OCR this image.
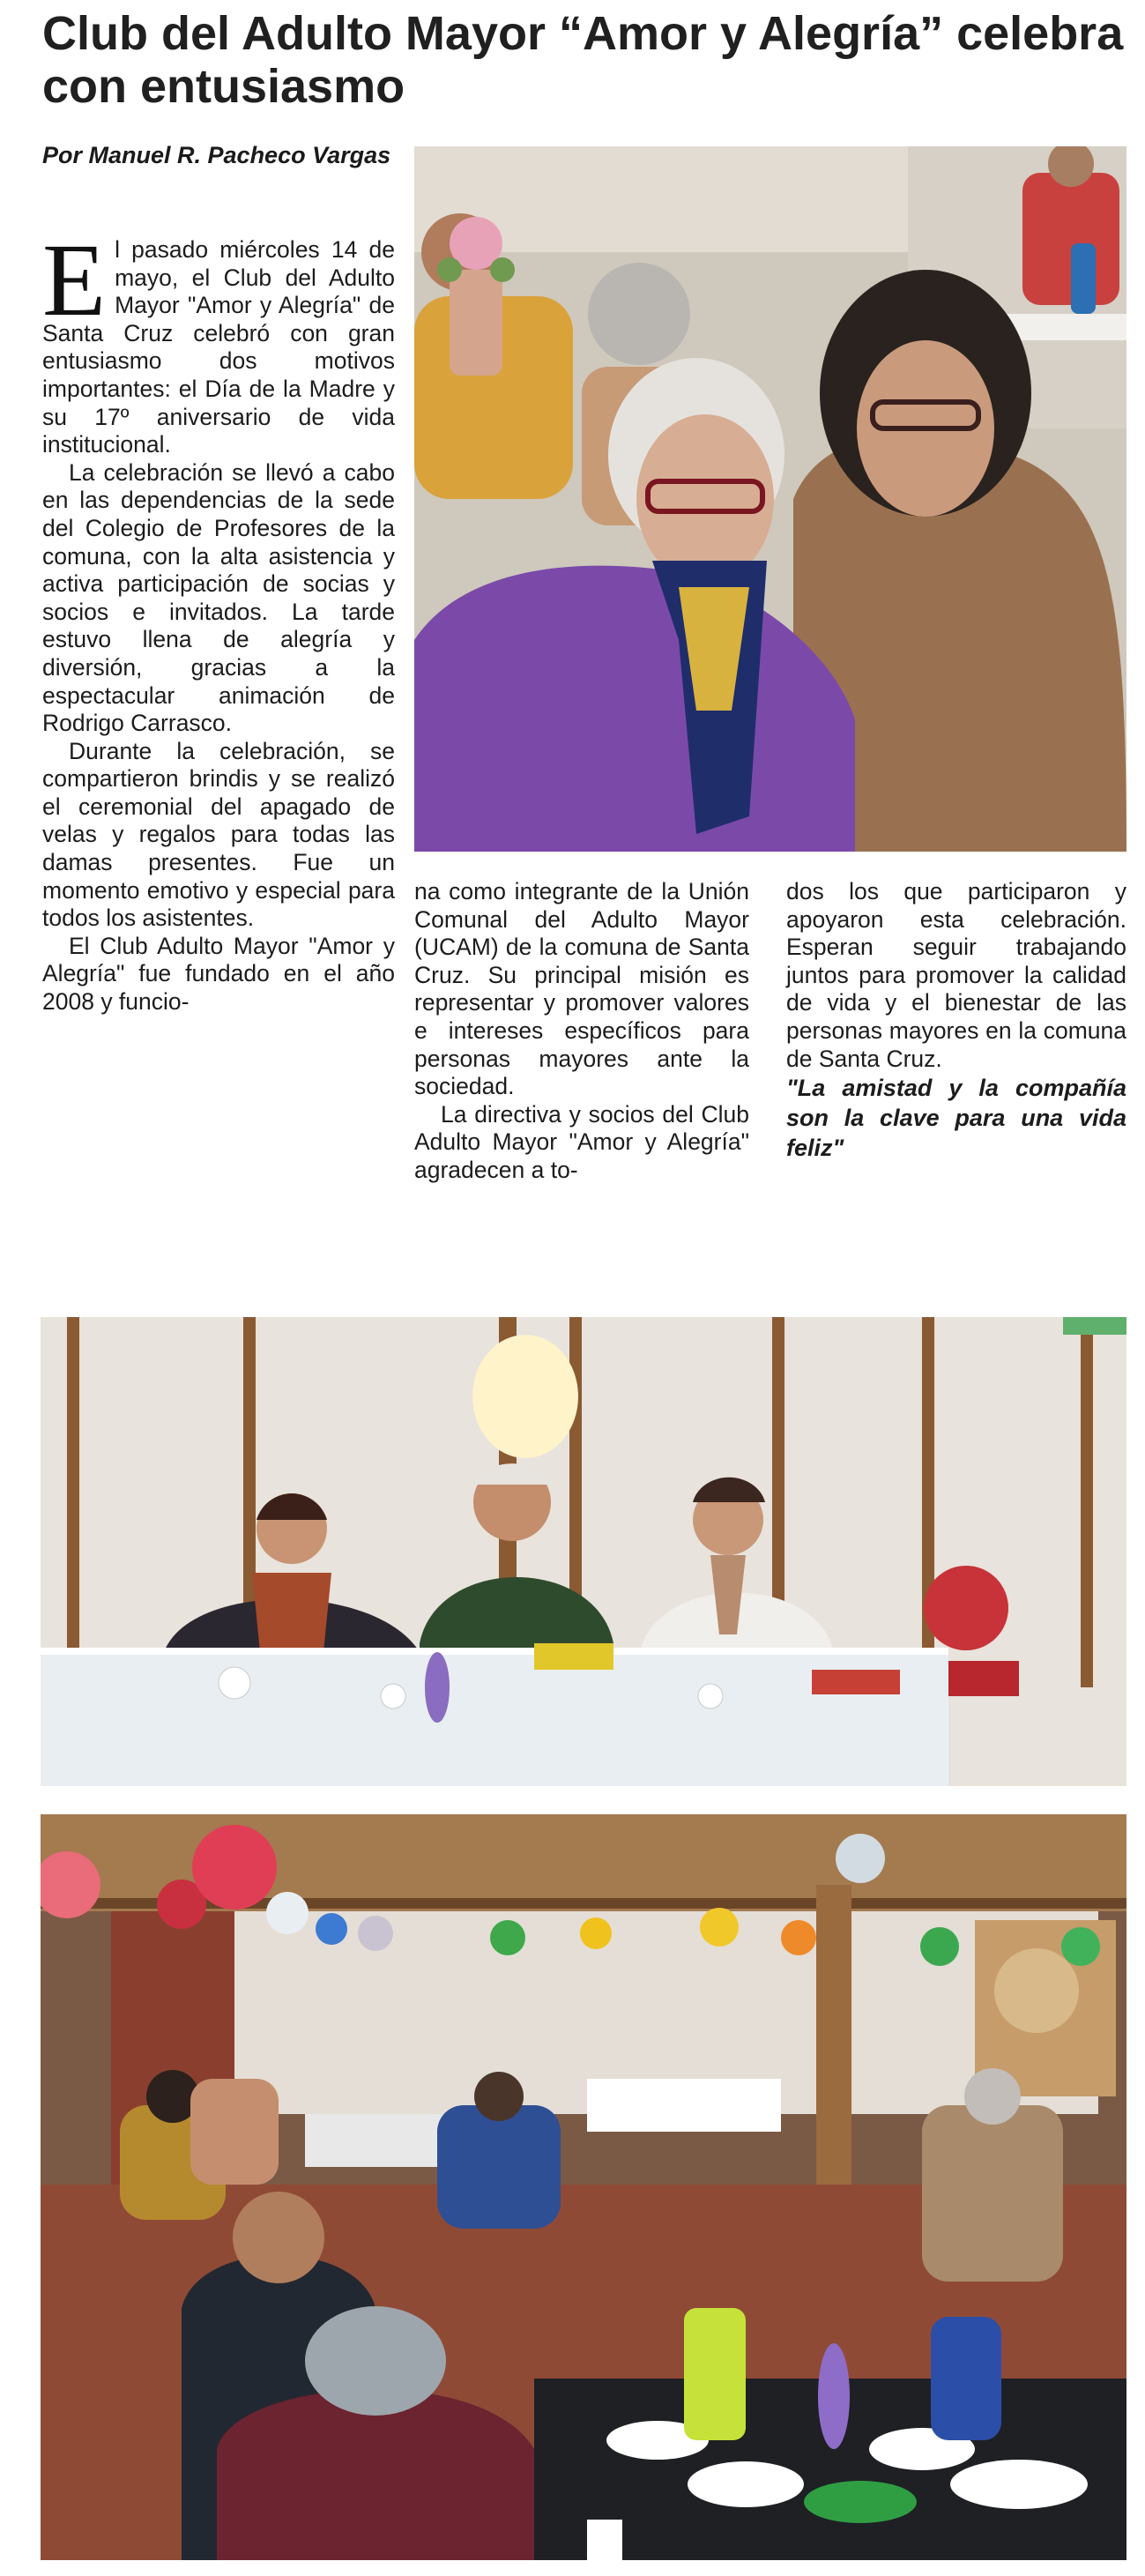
Club del Adulto Mayor “Amor y Alegría” celebra con entusiasmo
Por Manuel R. Pacheco Vargas

El pasado miércoles 14 de mayo, el Club del Adulto Mayor "Amor y Alegría" de Santa Cruz celebró con gran entusiasmo dos motivos importantes: el Día de la Madre y su 17º aniversario de vida institucional.

La celebración se llevó a cabo en las dependencias de la sede del Colegio de Profesores de la comuna, con la alta asistencia y activa participación de socias y socios e invitados. La tarde estuvo llena de alegría y diversión, gracias a la espectacular animación de Rodrigo Carrasco.

Durante la celebración, se compartieron brindis y se realizó el ceremonial del apagado de velas y regalos para todas las damas presentes. Fue un momento emotivo y especial para todos los asistentes.

El Club Adulto Mayor "Amor y Alegría" fue fundado en el año 2008 y funcio-

na como integrante de la Unión Comunal del Adulto Mayor (UCAM) de la comuna de Santa Cruz. Su principal misión es representar y promover valores e intereses específicos para personas mayores ante la sociedad.

La directiva y socios del Club Adulto Mayor "Amor y Alegría" agradecen a to-

dos los que participaron y apoyaron esta celebración. Esperan seguir trabajando juntos para promover la calidad de vida y el bienestar de las personas mayores en la comuna de Santa Cruz.

"La amistad y la compañía son la clave para una vida feliz"
